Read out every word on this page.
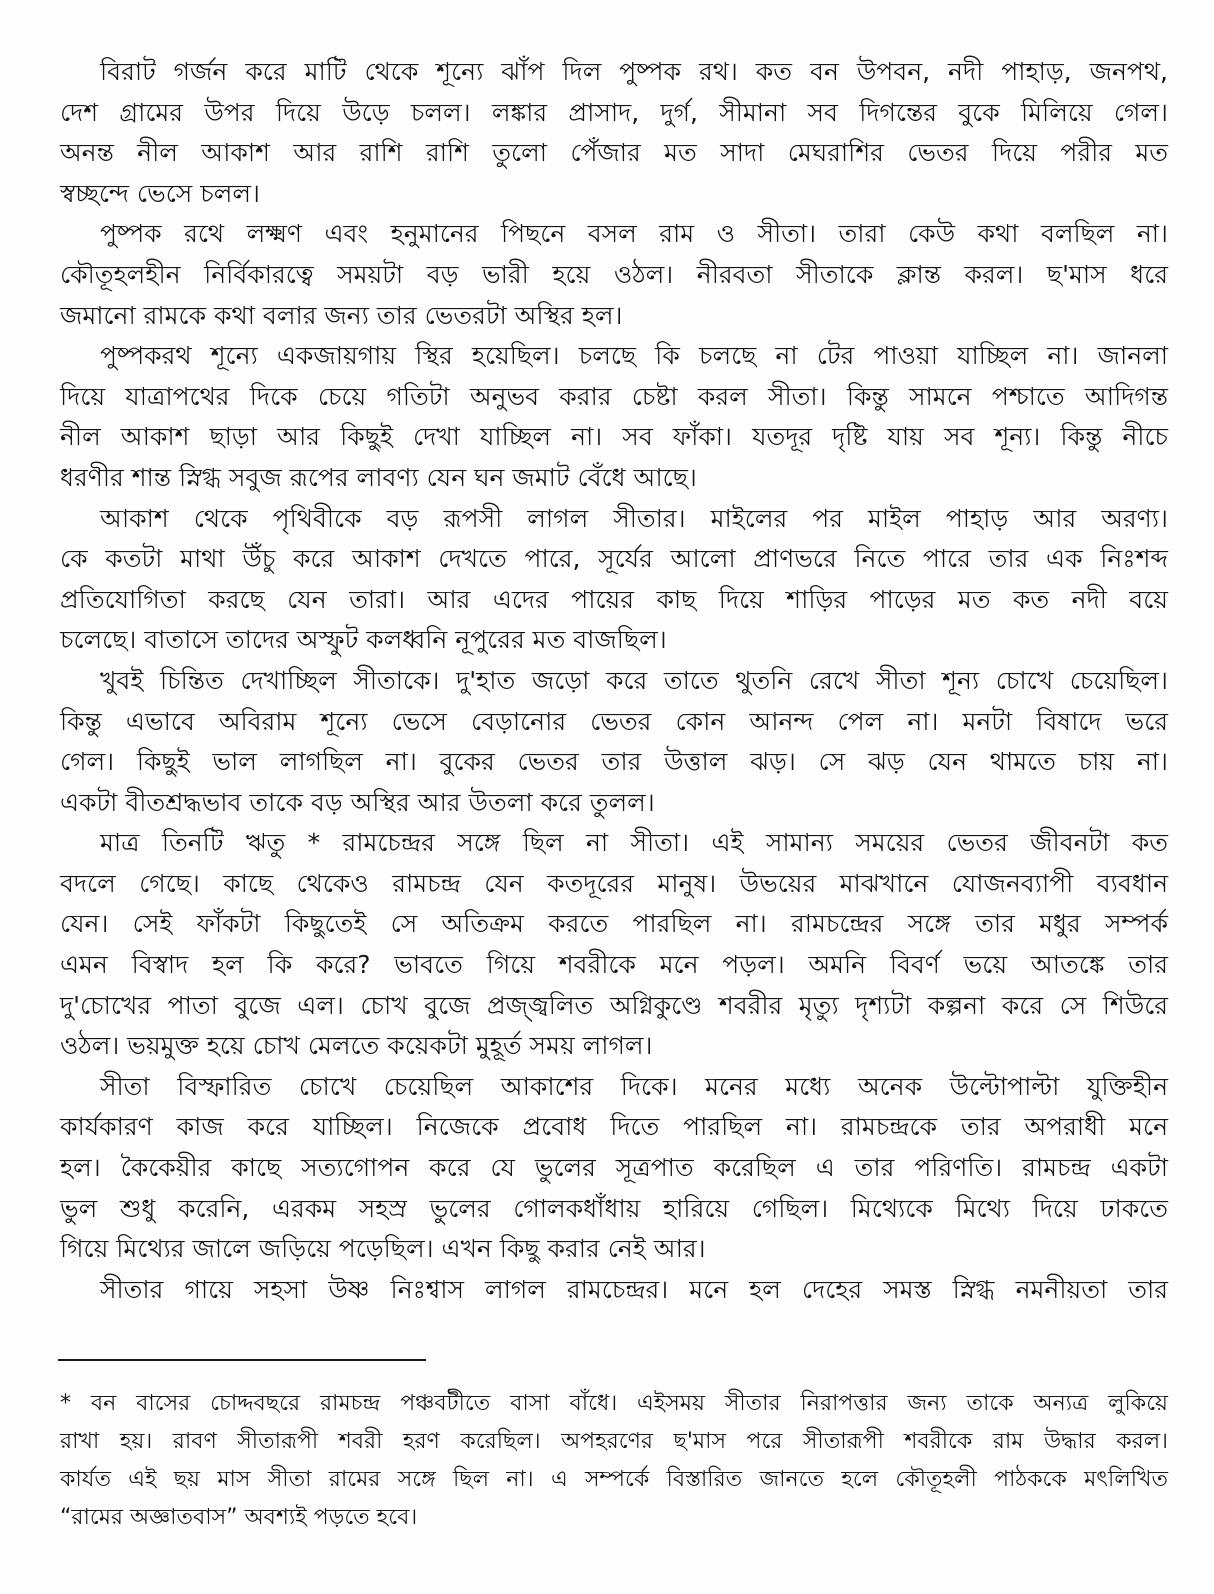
বিরাট গর্জন করে মাটি থেকে শূন্যে ঝাঁপ দিল পুষ্পক রথ। কত বন উপবন, নদী পাহাড়, জনপথ,
দেশ গ্রামের উপর দিয়ে উড়ে চলল। লঙ্কার প্রাসাদ, দুর্গ, সীমানা সব দিগন্তের বুকে মিলিয়ে গেল।
অনন্ত নীল আকাশ আর রাশি রাশি তুলো পেঁজার মত সাদা মেঘরাশির ভেতর দিয়ে পরীর মত
স্বচ্ছন্দে ভেসে চলল।
পুষ্পক রথে লক্ষ্মণ এবং হনুমানের পিছনে বসল রাম ও সীতা। তারা কেউ কথা বলছিল না।
কৌতূহলহীন নির্বিকারত্বে সময়টা বড় ভারী হয়ে ওঠল। নীরবতা সীতাকে ক্লান্ত করল। ছ'মাস ধরে
জমানো রামকে কথা বলার জন্য তার ভেতরটা অস্থির হল।
পুষ্পকরথ শূন্যে একজায়গায় স্থির হয়েছিল। চলছে কি চলছে না টের পাওয়া যাচ্ছিল না। জানলা
দিয়ে যাত্রাপথের দিকে চেয়ে গতিটা অনুভব করার চেষ্টা করল সীতা। কিন্তু সামনে পশ্চাতে আদিগন্ত
নীল আকাশ ছাড়া আর কিছুই দেখা যাচ্ছিল না। সব ফাঁকা। যতদূর দৃষ্টি যায় সব শূন্য। কিন্তু নীচে
ধরণীর শান্ত স্নিগ্ধ সবুজ রূপের লাবণ্য যেন ঘন জমাট বেঁধে আছে।
আকাশ থেকে পৃথিবীকে বড় রূপসী লাগল সীতার। মাইলের পর মাইল পাহাড় আর অরণ্য।
কে কতটা মাথা উঁচু করে আকাশ দেখতে পারে, সূর্যের আলো প্রাণভরে নিতে পারে তার এক নিঃশব্দ
প্রতিযোগিতা করছে যেন তারা। আর এদের পায়ের কাছ দিয়ে শাড়ির পাড়ের মত কত নদী বয়ে
চলেছে। বাতাসে তাদের অস্ফুট কলধ্বনি নূপুরের মত বাজছিল।
খুবই চিন্তিত দেখাচ্ছিল সীতাকে। দু'হাত জড়ো করে তাতে থুতনি রেখে সীতা শূন্য চোখে চেয়েছিল।
কিন্তু এভাবে অবিরাম শূন্যে ভেসে বেড়ানোর ভেতর কোন আনন্দ পেল না। মনটা বিষাদে ভরে
গেল। কিছুই ভাল লাগছিল না। বুকের ভেতর তার উত্তাল ঝড়। সে ঝড় যেন থামতে চায় না।
একটা বীতশ্রদ্ধভাব তাকে বড় অস্থির আর উতলা করে তুলল।
মাত্র তিনটি ঋতু * রামচেন্দ্রর সঙ্গে ছিল না সীতা। এই সামান্য সময়ের ভেতর জীবনটা কত
বদলে গেছে। কাছে থেকেও রামচন্দ্র যেন কতদূরের মানুষ। উভয়ের মাঝখানে যোজনব্যাপী ব্যবধান
যেন। সেই ফাঁকটা কিছুতেই সে অতিক্রম করতে পারছিল না। রামচন্দ্রের সঙ্গে তার মধুর সম্পর্ক
এমন বিস্বাদ হল কি করে? ভাবতে গিয়ে শবরীকে মনে পড়ল। অমনি বিবর্ণ ভয়ে আতঙ্কে তার
দু'চোখের পাতা বুজে এল। চোখ বুজে প্রজ্জ্বলিত অগ্নিকুণ্ডে শবরীর মৃত্যু দৃশ্যটা কল্পনা করে সে শিউরে
ওঠল। ভয়মুক্ত হয়ে চোখ মেলতে কয়েকটা মুহূর্ত সময় লাগল।
সীতা বিস্ফারিত চোখে চেয়েছিল আকাশের দিকে। মনের মধ্যে অনেক উল্টোপাল্টা যুক্তিহীন
কার্যকারণ কাজ করে যাচ্ছিল। নিজেকে প্রবোধ দিতে পারছিল না। রামচন্দ্রকে তার অপরাধী মনে
হল। কৈকেয়ীর কাছে সত্যগোপন করে যে ভুলের সূত্রপাত করেছিল এ তার পরিণতি। রামচন্দ্র একটা
ভুল শুধু করেনি, এরকম সহস্র ভুলের গোলকধাঁধায় হারিয়ে গেছিল। মিথ্যেকে মিথ্যে দিয়ে ঢাকতে
গিয়ে মিথ্যের জালে জড়িয়ে পড়েছিল। এখন কিছু করার নেই আর।
সীতার গায়ে সহসা উষ্ণ নিঃশ্বাস লাগল রামচেন্দ্রর। মনে হল দেহের সমস্ত স্নিগ্ধ নমনীয়তা তার
* বন বাসের চোদ্দবছরে রামচন্দ্র পঞ্চবটীতে বাসা বাঁধে। এইসময় সীতার নিরাপত্তার জন্য তাকে অন্যত্র লুকিয়ে
রাখা হয়। রাবণ সীতারূপী শবরী হরণ করেছিল। অপহরণের ছ'মাস পরে সীতারূপী শবরীকে রাম উদ্ধার করল।
কার্যত এই ছয় মাস সীতা রামের সঙ্গে ছিল না। এ সম্পর্কে বিস্তারিত জানতে হলে কৌতূহলী পাঠককে মৎলিখিত
“রামের অজ্ঞাতবাস” অবশ্যই পড়তে হবে।
